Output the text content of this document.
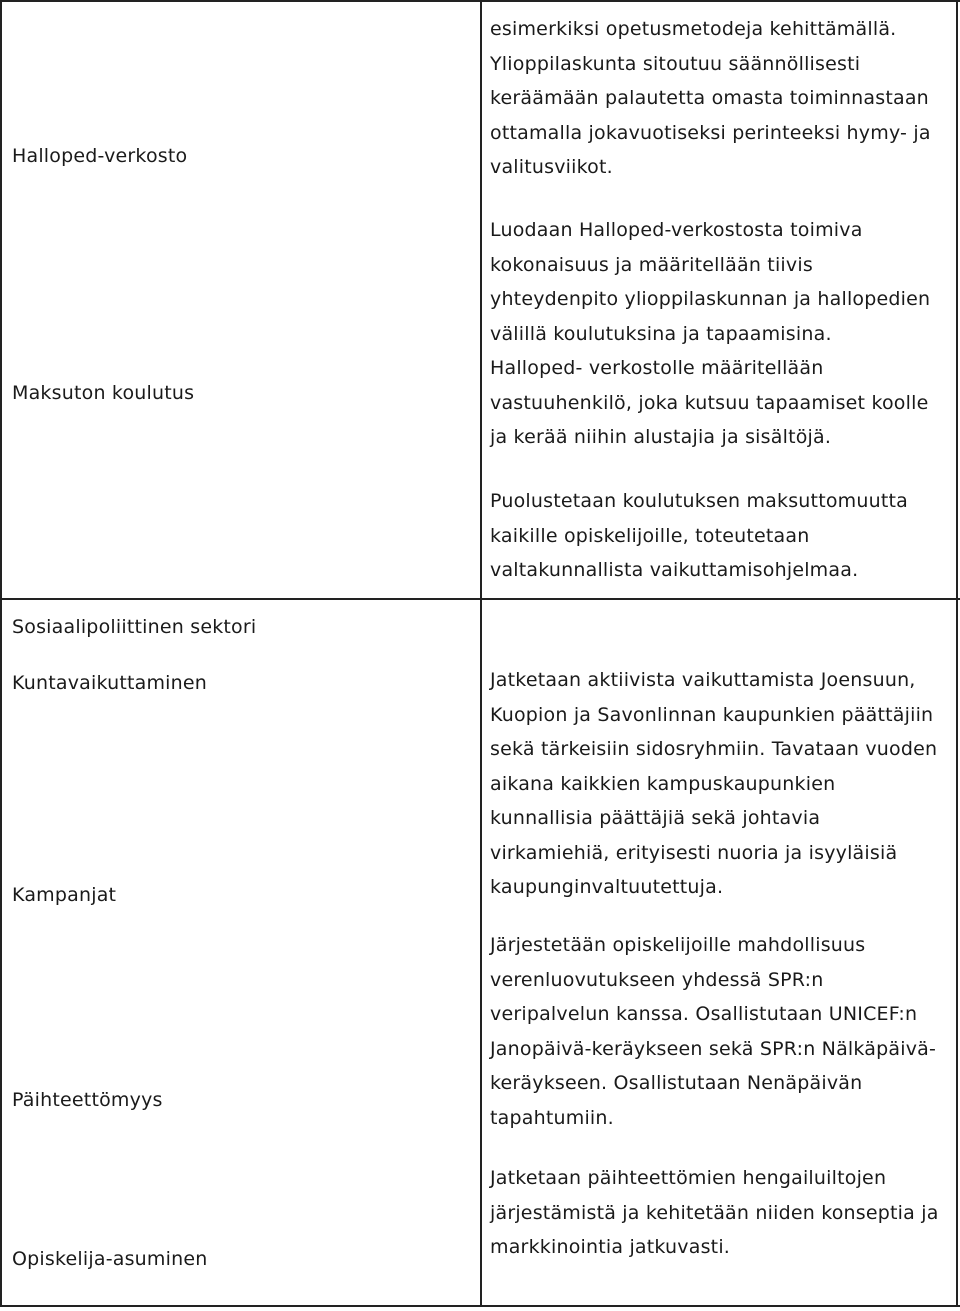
Halloped-verkosto
Maksuton koulutus
Sosiaalipoliittinen sektori
Kuntavaikuttaminen
Kampanjat
Päihteettömyys
Opiskelija-asuminen
esimerkiksi opetusmetodeja kehittämällä.
Ylioppilaskunta sitoutuu säännöllisesti
keräämään palautetta omasta toiminnastaan
ottamalla jokavuotiseksi perinteeksi hymy- ja
valitusviikot.
Luodaan Halloped-verkostosta toimiva
kokonaisuus ja määritellään tiivis
yhteydenpito ylioppilaskunnan ja hallopedien
välillä koulutuksina ja tapaamisina.
Halloped- verkostolle määritellään
vastuuhenkilö, joka kutsuu tapaamiset koolle
ja kerää niihin alustajia ja sisältöjä.
Puolustetaan koulutuksen maksuttomuutta
kaikille opiskelijoille, toteutetaan
valtakunnallista vaikuttamisohjelmaa.
Jatketaan aktiivista vaikuttamista Joensuun,
Kuopion ja Savonlinnan kaupunkien päättäjiin
sekä tärkeisiin sidosryhmiin. Tavataan vuoden
aikana kaikkien kampuskaupunkien
kunnallisia päättäjiä sekä johtavia
virkamiehiä, erityisesti nuoria ja isyyläisiä
kaupunginvaltuutettuja.
Järjestetään opiskelijoille mahdollisuus
verenluovutukseen yhdessä SPR:n
veripalvelun kanssa. Osallistutaan UNICEF:n
Janopäivä-keräykseen sekä SPR:n Nälkäpäivä-
keräykseen. Osallistutaan Nenäpäivän
tapahtumiin.
Jatketaan päihteettömien hengailuiltojen
järjestämistä ja kehitetään niiden konseptia ja
markkinointia jatkuvasti.
